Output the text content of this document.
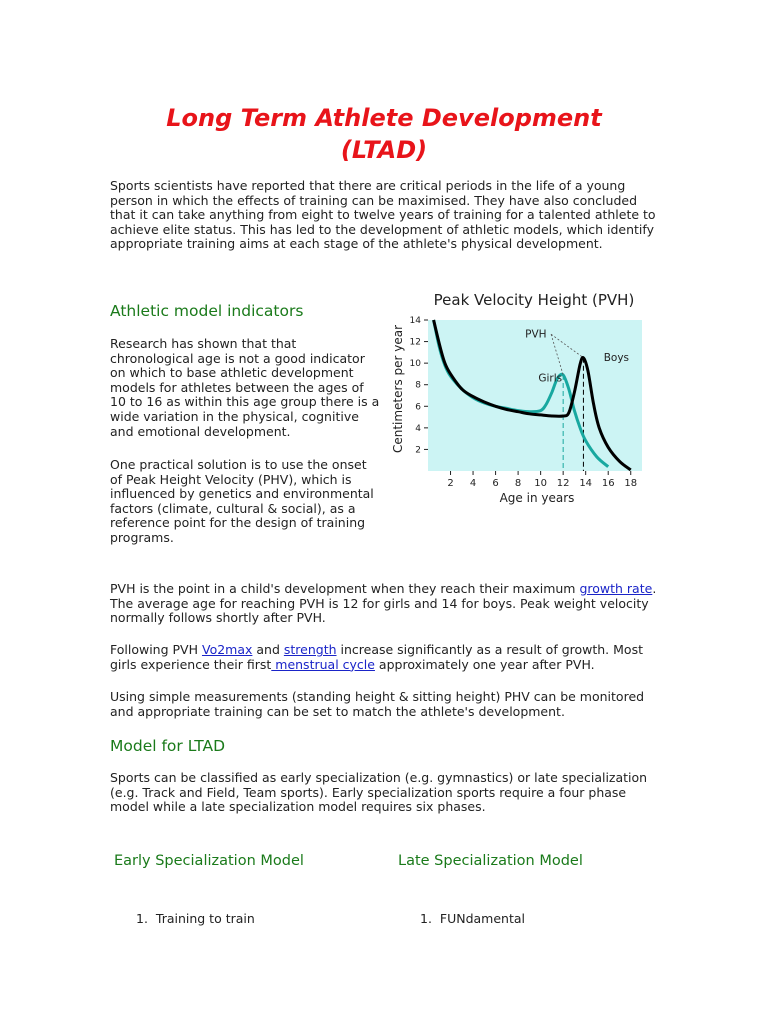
Long Term Athlete Development
(LTAD)
Sports scientists have reported that there are critical periods in the life of a young person in which the effects of training can be maximised. They have also concluded that it can take anything from eight to twelve years of training for a talented athlete to achieve elite status. This has led to the development of athletic models, which identify appropriate training aims at each stage of the athlete's physical development.
Athletic model indicators
Research has shown that that chronological age is not a good indicator on which to base athletic development models for athletes between the ages of 10 to 16 as within this age group there is a wide variation in the physical, cognitive and emotional development.
One practical solution is to use the onset of Peak Height Velocity (PHV), which is influenced by genetics and environmental factors (climate, cultural & social), as a reference point for the design of training programs.
Peak Velocity Height (PVH)
Centimeters per year
Age in years
2 4 6 8 10 12 14 16 18
2
4
6
8
10
12
14
PVH
Boys
Girls
PVH is the point in a child's development when they reach their maximum growth rate. The average age for reaching PVH is 12 for girls and 14 for boys. Peak weight velocity normally follows shortly after PVH.
Following PVH Vo2max and strength increase significantly as a result of growth. Most girls experience their first menstrual cycle approximately one year after PVH.
Using simple measurements (standing height & sitting height) PHV can be monitored and appropriate training can be set to match the athlete's development.
Model for LTAD
Sports can be classified as early specialization (e.g. gymnastics) or late specialization (e.g. Track and Field, Team sports). Early specialization sports require a four phase model while a late specialization model requires six phases.
Early Specialization Model	Late Specialization Model
1. Training to train	1. FUNdamental
